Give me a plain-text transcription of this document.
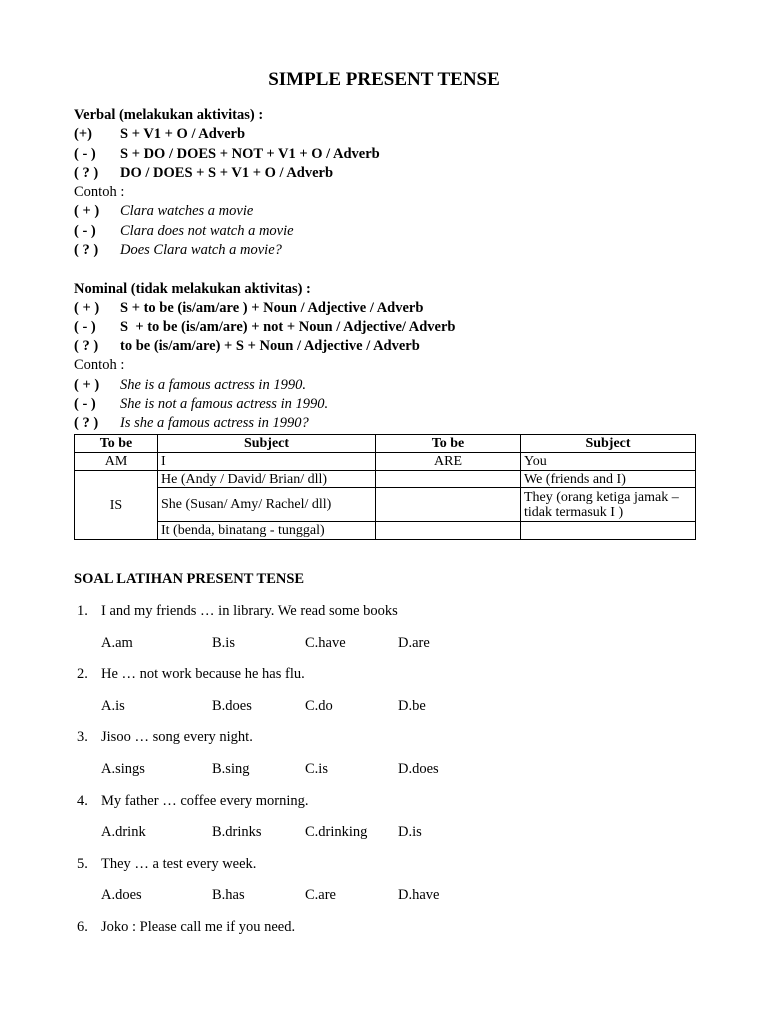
SIMPLE PRESENT TENSE
Verbal (melakukan aktivitas) :
(+) S + V1 + O / Adverb
( - ) S + DO / DOES + NOT + V1 + O / Adverb
( ? ) DO / DOES + S + V1 + O / Adverb
Contoh :
( + ) Clara watches a movie
( - ) Clara does not watch a movie
( ? ) Does Clara watch a movie?
Nominal (tidak melakukan aktivitas) :
( + ) S + to be (is/am/are ) + Noun / Adjective / Adverb
( - ) S  + to be (is/am/are) + not + Noun / Adjective/ Adverb
( ? ) to be (is/am/are) + S + Noun / Adjective / Adverb
Contoh :
( + ) She is a famous actress in 1990.
( - ) She is not a famous actress in 1990.
( ? ) Is she a famous actress in 1990?
To be	Subject	To be	Subject
AM	I	ARE	You
IS	He (Andy / David/ Brian/ dll)		We (friends and I)
	She (Susan/ Amy/ Rachel/ dll)		They (orang ketiga jamak – tidak termasuk I )
	It (benda, binatang - tunggal)		
SOAL LATIHAN PRESENT TENSE
1. I and my friends … in library. We read some books
A.am	B.is	C.have	D.are
2. He … not work because he has flu.
A.is	B.does	C.do	D.be
3. Jisoo … song every night.
A.sings	B.sing	C.is	D.does
4. My father … coffee every morning.
A.drink	B.drinks	C.drinking D.is
5. They … a test every week.
A.does	B.has	C.are	D.have
6. Joko : Please call me if you need.
